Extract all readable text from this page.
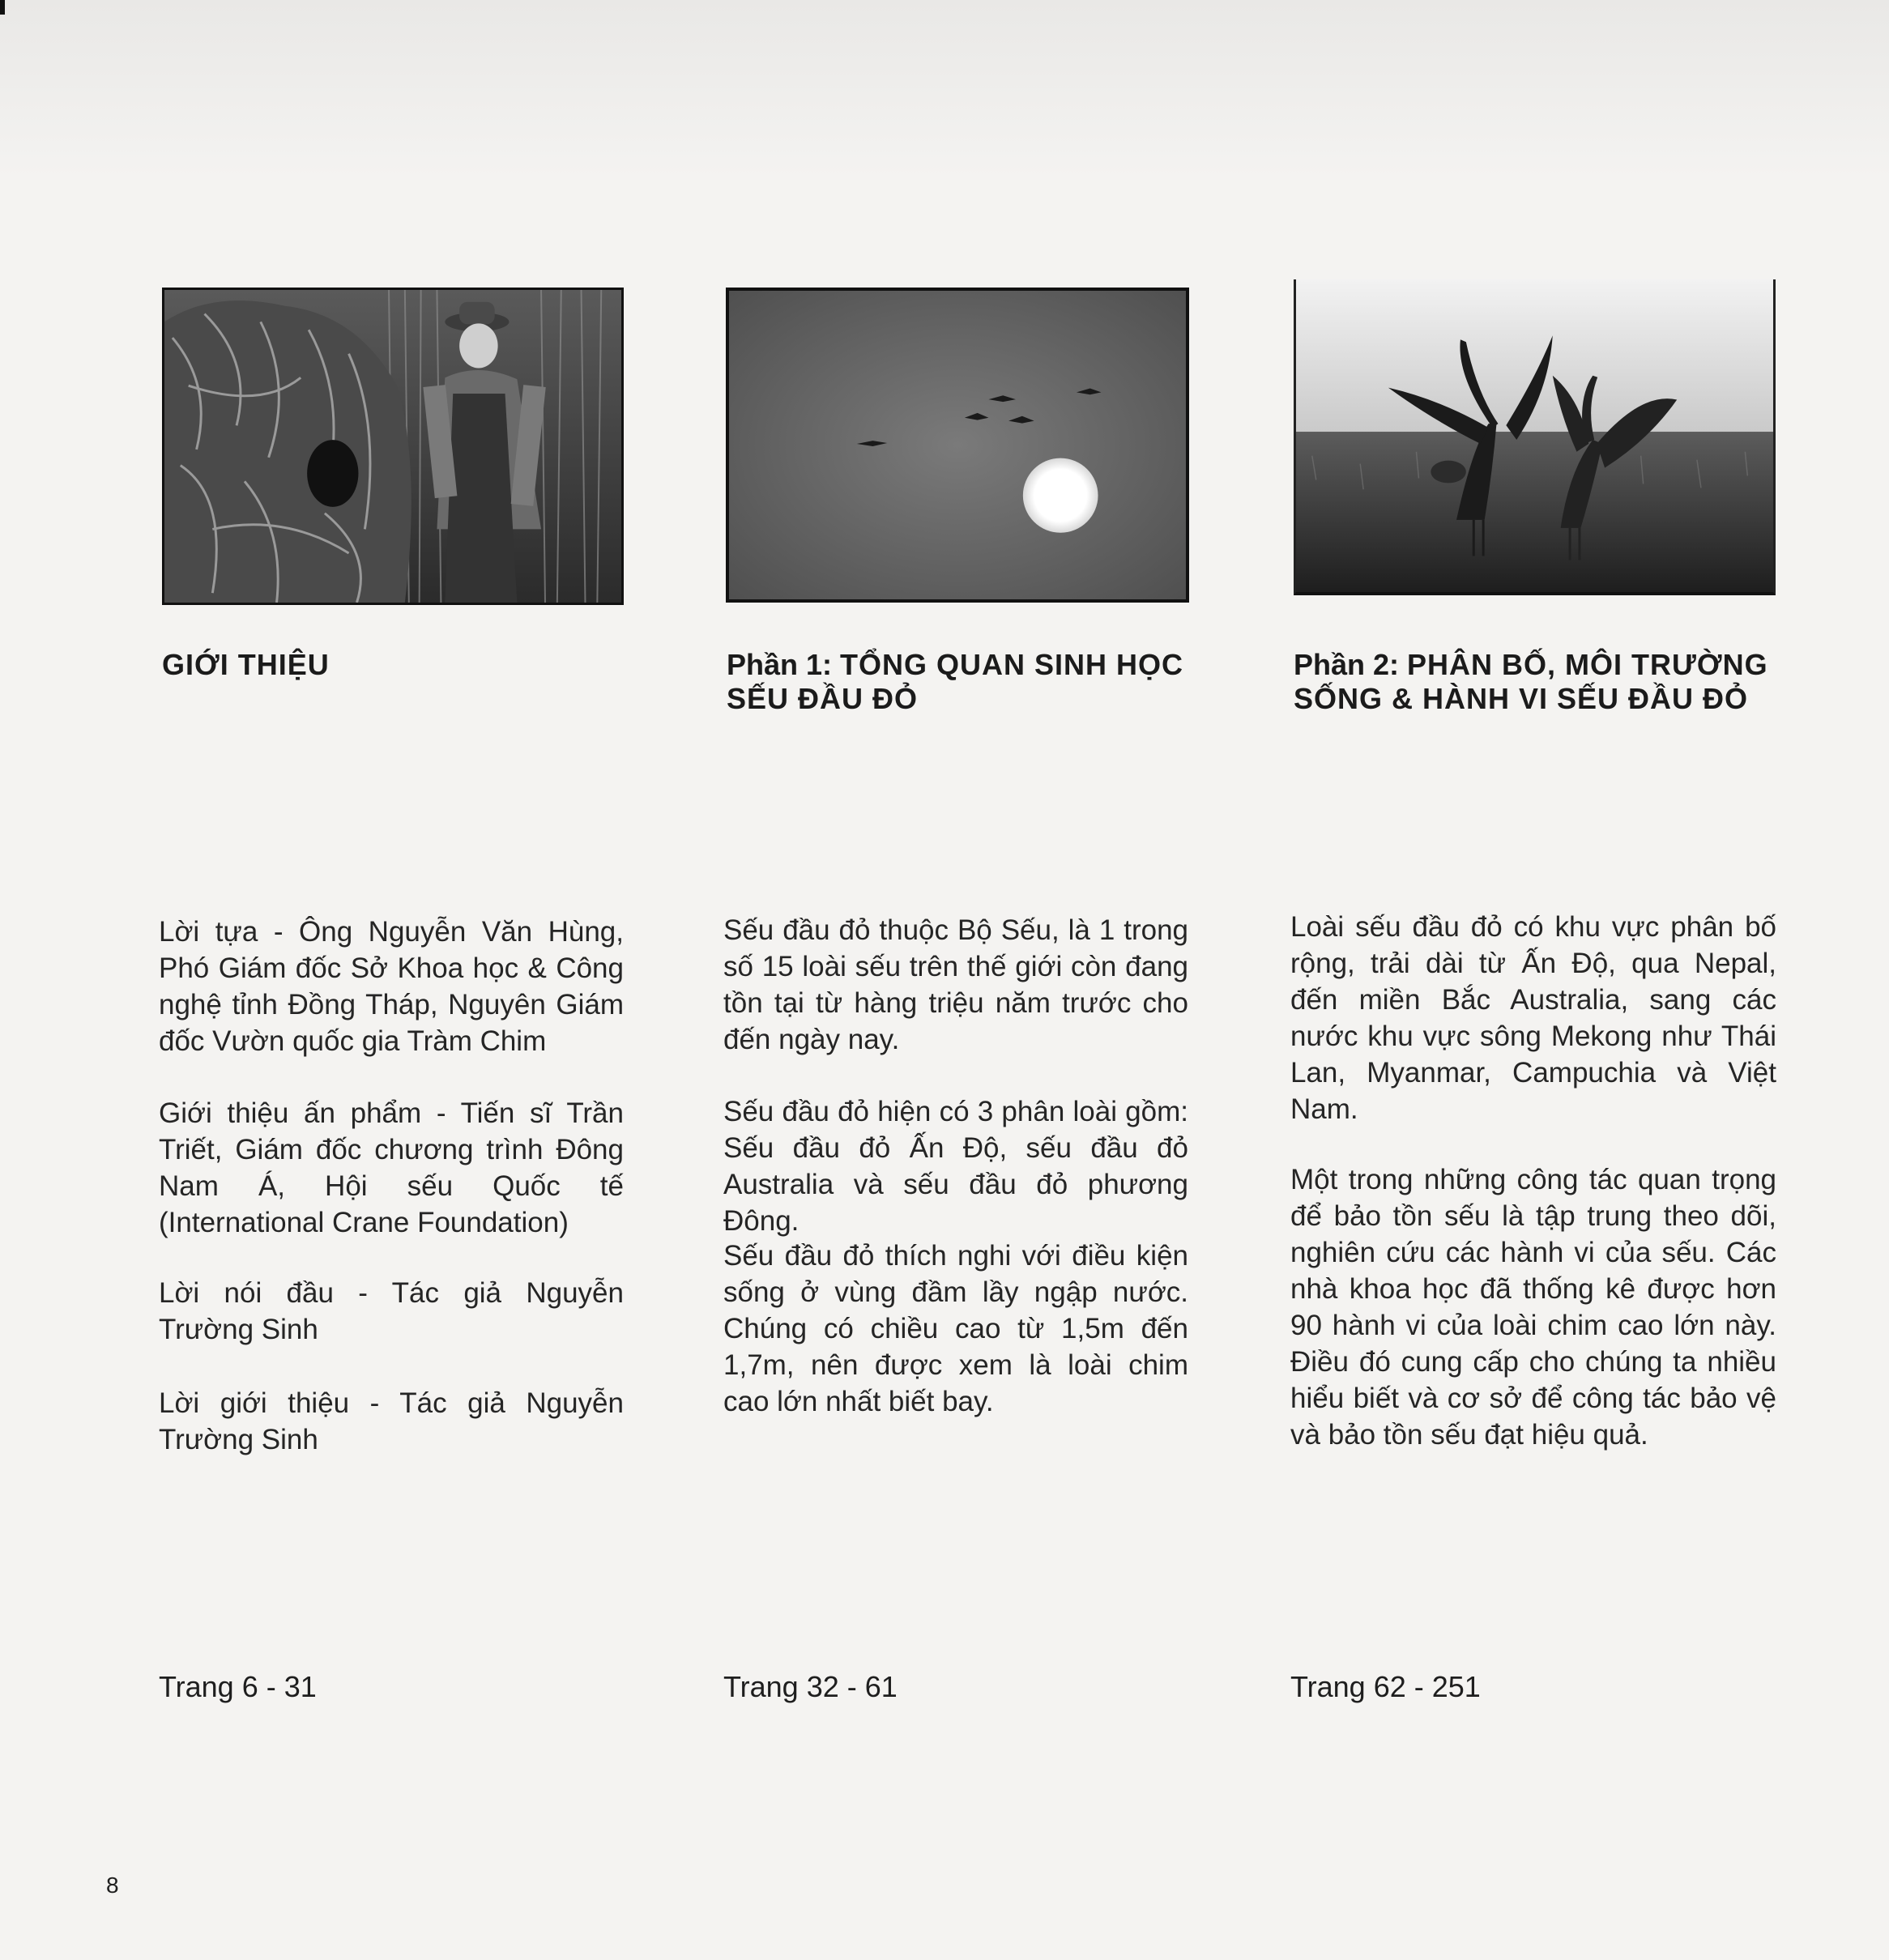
GIỚI THIỆU

Lời tựa - Ông Nguyễn Văn Hùng, Phó Giám đốc Sở Khoa học & Công nghệ tỉnh Đồng Tháp, Nguyên Giám đốc Vườn quốc gia Tràm Chim

Giới thiệu ấn phẩm - Tiến sĩ Trần Triết, Giám đốc chương trình Đông Nam Á, Hội sếu Quốc tế (International Crane Foundation)

Lời nói đầu - Tác giả Nguyễn Trường Sinh

Lời giới thiệu - Tác giả Nguyễn Trường Sinh

Trang 6 - 31
Phần 1: TỔNG QUAN SINH HỌC SẾU ĐẦU ĐỎ

Sếu đầu đỏ thuộc Bộ Sếu, là 1 trong số 15 loài sếu trên thế giới còn đang tồn tại từ hàng triệu năm trước cho đến ngày nay.

Sếu đầu đỏ hiện có 3 phân loài gồm: Sếu đầu đỏ Ấn Độ, sếu đầu đỏ Australia và sếu đầu đỏ phương Đông.

Sếu đầu đỏ thích nghi với điều kiện sống ở vùng đầm lầy ngập nước. Chúng có chiều cao từ 1,5m đến 1,7m, nên được xem là loài chim cao lớn nhất biết bay.

Trang 32 - 61
Phần 2: PHÂN BỐ, MÔI TRƯỜNG SỐNG & HÀNH VI SẾU ĐẦU ĐỎ

Loài sếu đầu đỏ có khu vực phân bố rộng, trải dài từ Ấn Độ, qua Nepal, đến miền Bắc Australia, sang các nước khu vực sông Mekong như Thái Lan, Myanmar, Campuchia và Việt Nam.

Một trong những công tác quan trọng để bảo tồn sếu là tập trung theo dõi, nghiên cứu các hành vi của sếu. Các nhà khoa học đã thống kê được hơn 90 hành vi của loài chim cao lớn này. Điều đó cung cấp cho chúng ta nhiều hiểu biết và cơ sở để công tác bảo vệ và bảo tồn sếu đạt hiệu quả.

Trang 62 - 251
8
